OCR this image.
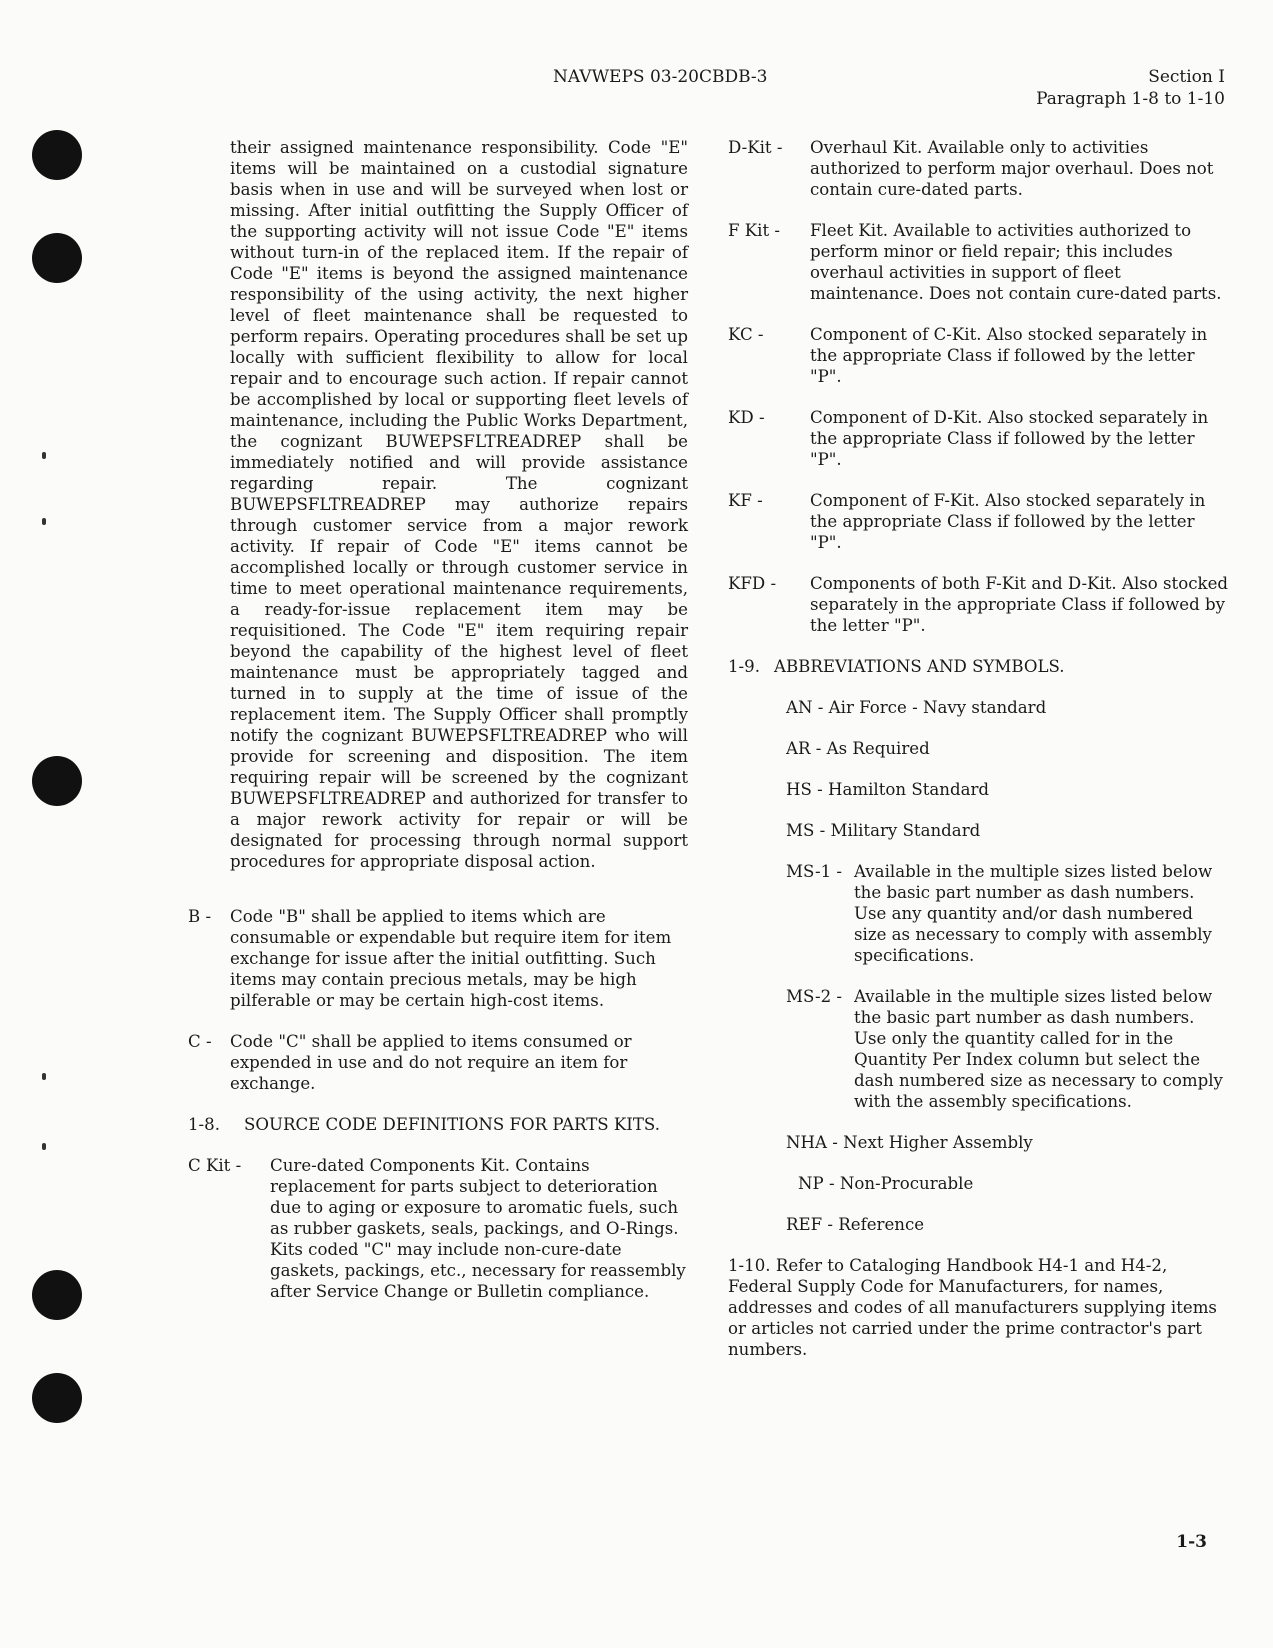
NAVWEPS 03-20CBDB-3	Section I
Paragraph 1-8 to 1-10

their assigned maintenance responsibility. Code "E" items will be maintained on a custodial signature basis when in use and will be surveyed when lost or missing. After initial outfitting the Supply Officer of the supporting activity will not issue Code "E" items without turn-in of the replaced item. If the repair of Code "E" items is beyond the assigned maintenance responsibility of the using activity, the next higher level of fleet maintenance shall be requested to perform repairs. Operating procedures shall be set up locally with sufficient flexibility to allow for local repair and to encourage such action. If repair cannot be accomplished by local or supporting fleet levels of maintenance, including the Public Works Department, the cognizant BUWEPSFLTREADREP shall be immediately notified and will provide assistance regarding repair. The cognizant BUWEPSFLTREADREP may authorize repairs through customer service from a major rework activity. If repair of Code "E" items cannot be accomplished locally or through customer service in time to meet operational maintenance requirements, a ready-for-issue replacement item may be requisitioned. The Code "E" item requiring repair beyond the capability of the highest level of fleet maintenance must be appropriately tagged and turned in to supply at the time of issue of the replacement item. The Supply Officer shall promptly notify the cognizant BUWEPSFLTREADREP who will provide for screening and disposition. The item requiring repair will be screened by the cognizant BUWEPSFLTREADREP and authorized for transfer to a major rework activity for repair or will be designated for processing through normal support procedures for appropriate disposal action.

B -	Code "B" shall be applied to items which are consumable or expendable but require item for item exchange for issue after the initial outfitting. Such items may contain precious metals, may be high pilferable or may be certain high-cost items.
C -	Code "C" shall be applied to items consumed or expended in use and do not require an item for exchange.
1-8.	SOURCE CODE DEFINITIONS FOR PARTS KITS.
C Kit -	Cure-dated Components Kit. Contains replacement for parts subject to deterioration due to aging or exposure to aromatic fuels, such as rubber gaskets, seals, packings, and O-Rings. Kits coded "C" may include non-cure-date gaskets, packings, etc., necessary for reassembly after Service Change or Bulletin compliance.
D-Kit -	Overhaul Kit. Available only to activities authorized to perform major overhaul. Does not contain cure-dated parts.
F Kit -	Fleet Kit. Available to activities authorized to perform minor or field repair; this includes overhaul activities in support of fleet maintenance. Does not contain cure-dated parts.
KC -	Component of C-Kit. Also stocked separately in the appropriate Class if followed by the letter "P".
KD -	Component of D-Kit. Also stocked separately in the appropriate Class if followed by the letter "P".
KF -	Component of F-Kit. Also stocked separately in the appropriate Class if followed by the letter "P".
KFD -	Components of both F-Kit and D-Kit. Also stocked separately in the appropriate Class if followed by the letter "P".
1-9. ABBREVIATIONS AND SYMBOLS.

AN - Air Force - Navy standard

AR - As Required

HS - Hamilton Standard

MS - Military Standard

MS-1 - Available in the multiple sizes listed below the basic part number as dash numbers. Use any quantity and/or dash numbered size as necessary to comply with assembly specifications.
MS-2 - Available in the multiple sizes listed below the basic part number as dash numbers. Use only the quantity called for in the Quantity Per Index column but select the dash numbered size as necessary to comply with the assembly specifications.

NHA - Next Higher Assembly

NP - Non-Procurable

REF - Reference

1-10. Refer to Cataloging Handbook H4-1 and H4-2, Federal Supply Code for Manufacturers, for names, addresses and codes of all manufacturers supplying items or articles not carried under the prime contractor's part numbers.

1-3
